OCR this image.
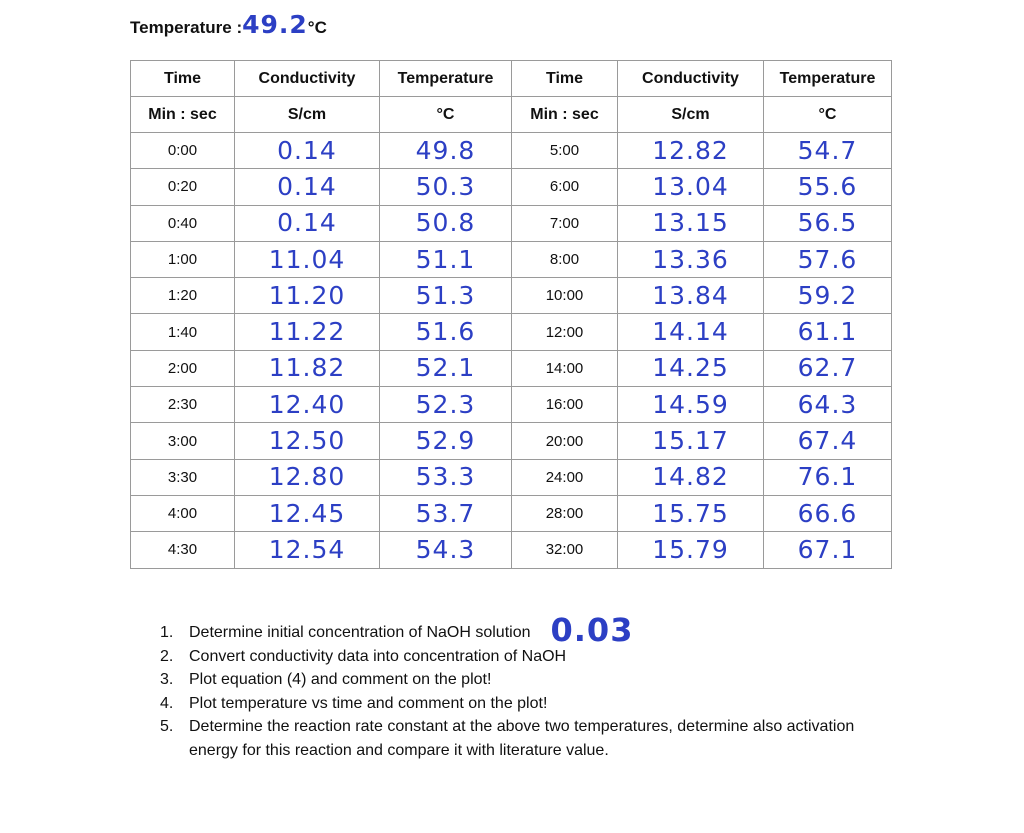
Temperature :49.2°C
Time	Conductivity	Temperature	Time	Conductivity	Temperature
Min : sec	S/cm	°C	Min : sec	S/cm	°C
0:00	0.14	49.8	5:00	12.82	54.7
0:20	0.14	50.3	6:00	13.04	55.6
0:40	0.14	50.8	7:00	13.15	56.5
1:00	11.04	51.1	8:00	13.36	57.6
1:20	11.20	51.3	10:00	13.84	59.2
1:40	11.22	51.6	12:00	14.14	61.1
2:00	11.82	52.1	14:00	14.25	62.7
2:30	12.40	52.3	16:00	14.59	64.3
3:00	12.50	52.9	20:00	15.17	67.4
3:30	12.80	53.3	24:00	14.82	76.1
4:00	12.45	53.7	28:00	15.75	66.6
4:30	12.54	54.3	32:00	15.79	67.1
1. Determine initial concentration of NaOH solution 0.03
2. Convert conductivity data into concentration of NaOH
3. Plot equation (4) and comment on the plot!
4. Plot temperature vs time and comment on the plot!
5. Determine the reaction rate constant at the above two temperatures, determine also activation energy for this reaction and compare it with literature value.
